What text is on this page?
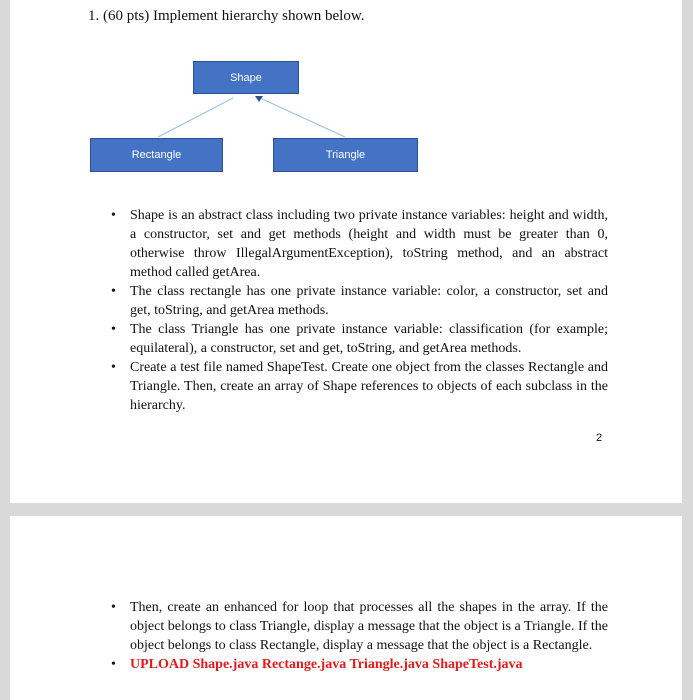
1. (60 pts) Implement hierarchy shown below.
Shape
Rectangle	Triangle
• Shape is an abstract class including two private instance variables: height and width, a constructor, set and get methods (height and width must be greater than 0, otherwise throw IllegalArgumentException), toString method, and an abstract method called getArea.
• The class rectangle has one private instance variable: color, a constructor, set and get, toString, and getArea methods.
• The class Triangle has one private instance variable: classification (for example; equilateral), a constructor, set and get, toString, and getArea methods.
• Create a test file named ShapeTest. Create one object from the classes Rectangle and Triangle. Then, create an array of Shape references to objects of each subclass in the hierarchy.
2
• Then, create an enhanced for loop that processes all the shapes in the array. If the object belongs to class Triangle, display a message that the object is a Triangle. If the object belongs to class Rectangle, display a message that the object is a Rectangle.
• UPLOAD Shape.java Rectange.java Triangle.java ShapeTest.java
